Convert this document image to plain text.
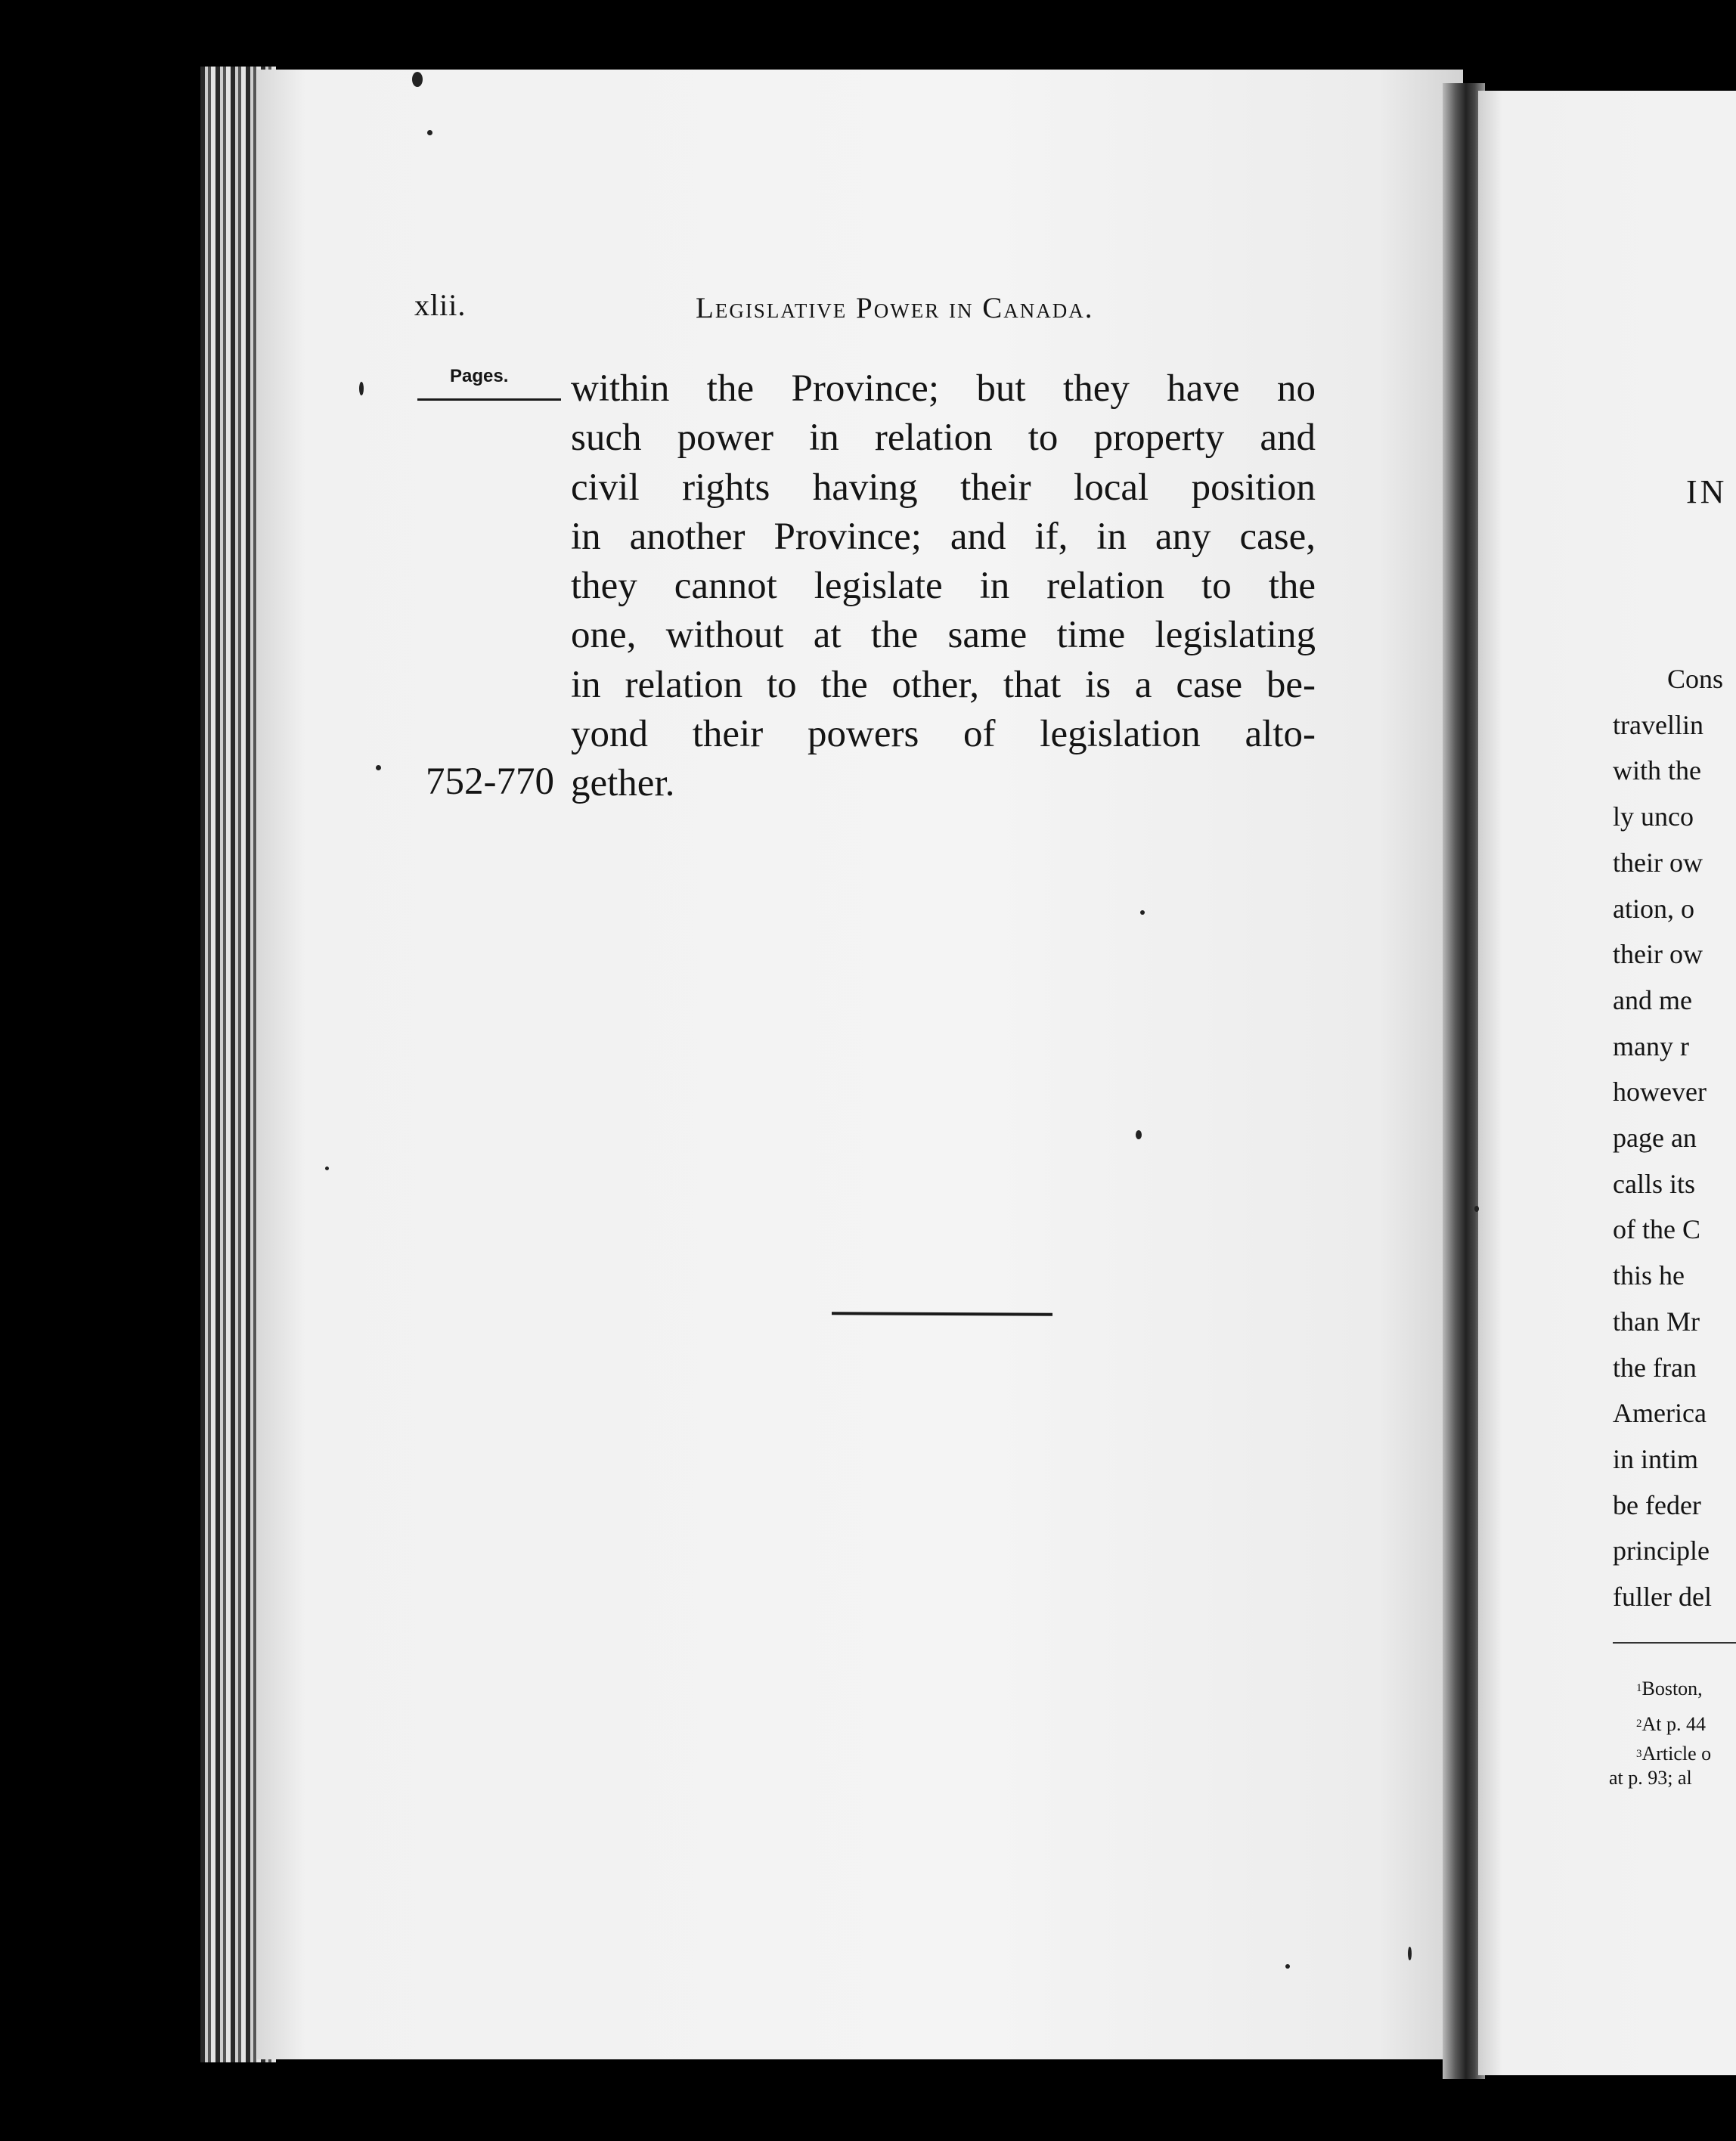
xlii.	Legislative Power in Canada.
Pages.
752-770
within the Province; but they have no
such power in relation to property and
civil rights having their local position
in another Province; and if, in any case,
they cannot legislate in relation to the
one, without at the same time legislating
in relation to the other, that is a case be-
yond their powers of legislation alto-
gether.
IN
Cons
travellin
with the
ly unco
their ow
ation, o
their ow
and me
many r
however
page an
calls its
of the C
this he
than Mr
the fran
America
in intim
be feder
principle
fuller del
$^1$Boston,
$^2$At p. 44
$^3$Article o
at p. 93; al
